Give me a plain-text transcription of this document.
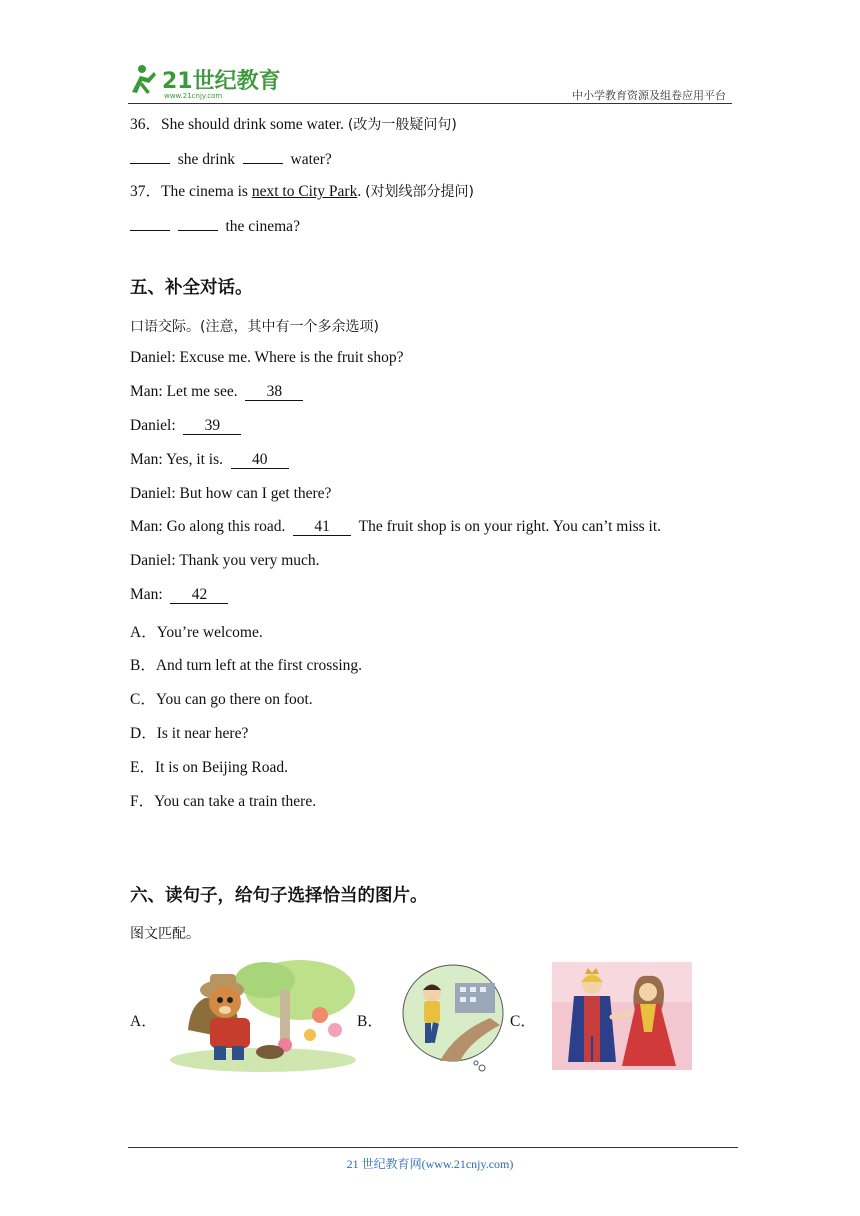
21世纪教育
www.21cnjy.com	中小学教育资源及组卷应用平台
36．She should drink some water. (改为一般疑问句)
she drink	water?
37．The cinema is next to City Park. (对划线部分提问)
the cinema?
五、补全对话。
口语交际。(注意，其中有一个多余选项)
Daniel: Excuse me. Where is the fruit shop?
Man: Let me see. 38
Daniel: 39
Man: Yes, it is. 40
Daniel: But how can I get there?
Man: Go along this road. 41 The fruit shop is on your right. You can’t miss it.
Daniel: Thank you very much.
Man: 42
A．You’re welcome.
B．And turn left at the first crossing.
C．You can go there on foot.
D．Is it near here?
E．It is on Beijing Road.
F．You can take a train there.
六、读句子，给句子选择恰当的图片。
图文匹配。
A．	B．	C．
21 世纪教育网(www.21cnjy.com)
